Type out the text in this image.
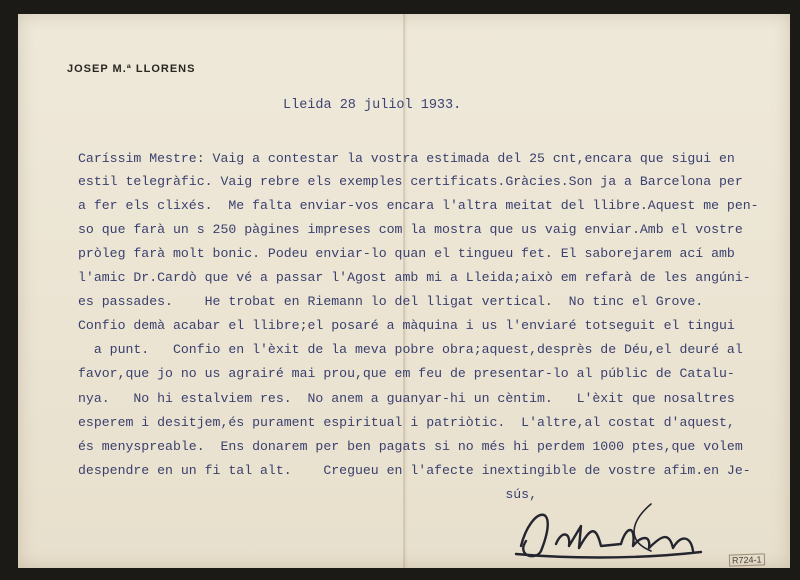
JOSEP M.ª LLORENS
Lleida 28 juliol 1933.
Caríssim Mestre: Vaig a contestar la vostra estimada del 25 cnt,encara que sigui en
estil telegràfic. Vaig rebre els exemples certificats.Gràcies.Son ja a Barcelona per
a fer els clixés.  Me falta enviar-vos encara l'altra meitat del llibre.Aquest me pen-
so que farà un s 250 pàgines impreses com la mostra que us vaig enviar.Amb el vostre
pròleg farà molt bonic. Podeu enviar-lo quan el tingueu fet. El saborejarem ací amb
l'amic Dr.Cardò que vé a passar l'Agost amb mi a Lleida;això em refarà de les angúni-
es passades.    He trobat en Riemann lo del lligat vertical.  No tinc el Grove.
Confio demà acabar el llibre;el posaré a màquina i us l'enviaré totseguit el tingui
a punt.   Confio en l'èxit de la meva pobre obra;aquest,desprès de Déu,el deuré al
favor,que jo no us agrairé mai prou,que em feu de presentar-lo al públic de Catalu-
nya.   No hi estalviem res.  No anem a guanyar-hi un cèntim.   L'èxit que nosaltres
esperem i desitjem,és purament espiritual i patriòtic.  L'altre,al costat d'aquest,
és menyspreable.  Ens donarem per ben pagats si no més hi perdem 1000 ptes,que volem
despendre en un fi tal alt.    Cregueu en l'afecte inextingible de vostre afim.en Je-
sús,
R724-1
